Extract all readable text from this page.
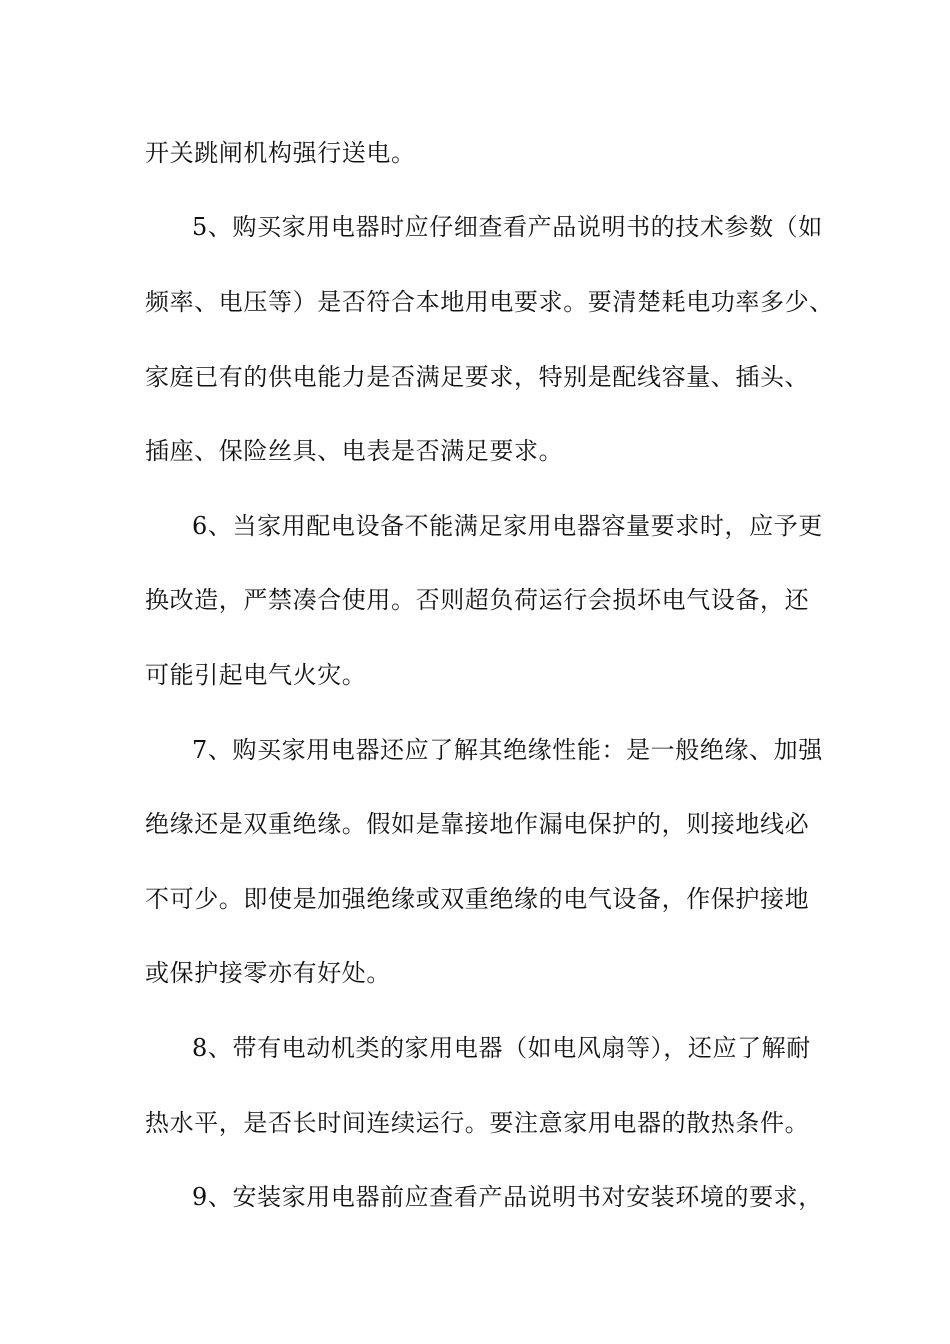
开关跳闸机构强行送电。
5、购买家用电器时应仔细查看产品说明书的技术参数（如
频率、电压等）是否符合本地用电要求。要清楚耗电功率多少、
家庭已有的供电能力是否满足要求，特别是配线容量、插头、
插座、保险丝具、电表是否满足要求。
6、当家用配电设备不能满足家用电器容量要求时，应予更
换改造，严禁凑合使用。否则超负荷运行会损坏电气设备，还
可能引起电气火灾。
7、购买家用电器还应了解其绝缘性能：是一般绝缘、加强
绝缘还是双重绝缘。假如是靠接地作漏电保护的，则接地线必
不可少。即使是加强绝缘或双重绝缘的电气设备，作保护接地
或保护接零亦有好处。
8、带有电动机类的家用电器（如电风扇等），还应了解耐
热水平，是否长时间连续运行。要注意家用电器的散热条件。
9、安装家用电器前应查看产品说明书对安装环境的要求，
